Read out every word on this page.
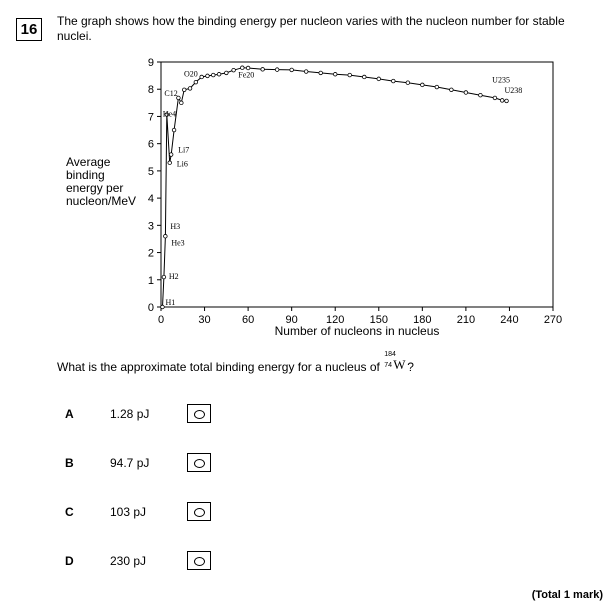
16	The graph shows how the binding energy per nucleon varies with the nucleon number for stable nuclei.
Average
binding
energy per
nucleon/MeV
0
1
2
3
4
5
6
7
8
9
0	30	60	90	120 150 180 210 240 270
H1
H2
H3
He3
He4
Li6
Li7
C12
O20	Fe20
U235
U238
Number of nucleons in nucleus
What is the approximate total binding energy for a nucleus of
184
74 W ?
A	1.28 pJ
B	94.7 pJ
C	103 pJ
D	230 pJ
(Total 1 mark)
